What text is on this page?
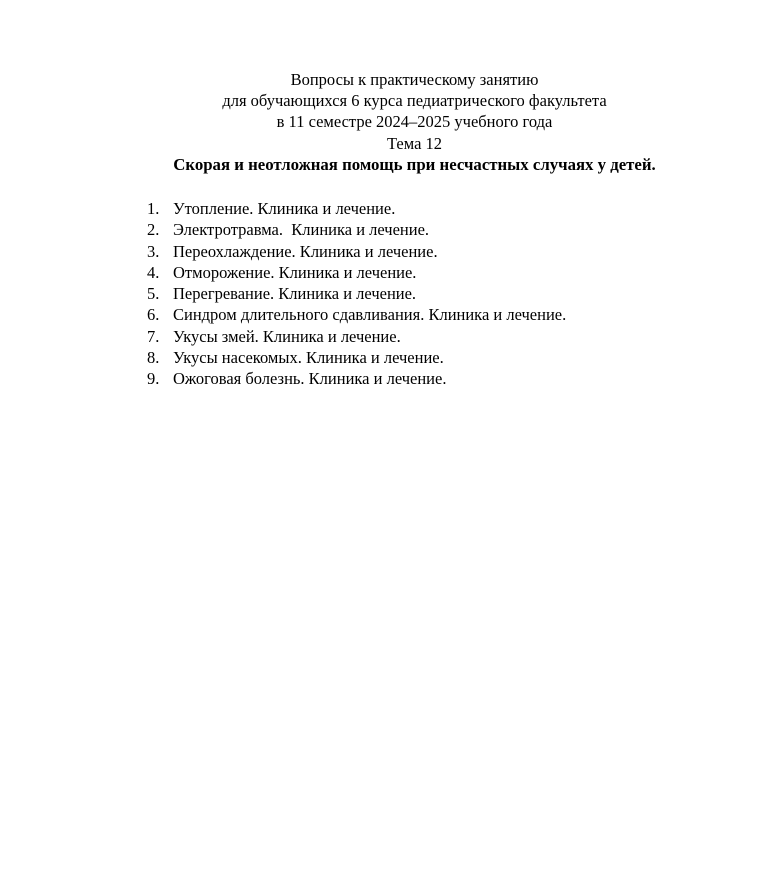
Вопросы к практическому занятию
для обучающихся 6 курса педиатрического факультета
в 11 семестре 2024–2025 учебного года
Тема 12
Скорая и неотложная помощь при несчастных случаях у детей.
1. Утопление. Клиника и лечение.
2. Электротравма.  Клиника и лечение.
3. Переохлаждение. Клиника и лечение.
4. Отморожение. Клиника и лечение.
5. Перегревание. Клиника и лечение.
6. Синдром длительного сдавливания. Клиника и лечение.
7. Укусы змей. Клиника и лечение.
8. Укусы насекомых. Клиника и лечение.
9. Ожоговая болезнь. Клиника и лечение.
